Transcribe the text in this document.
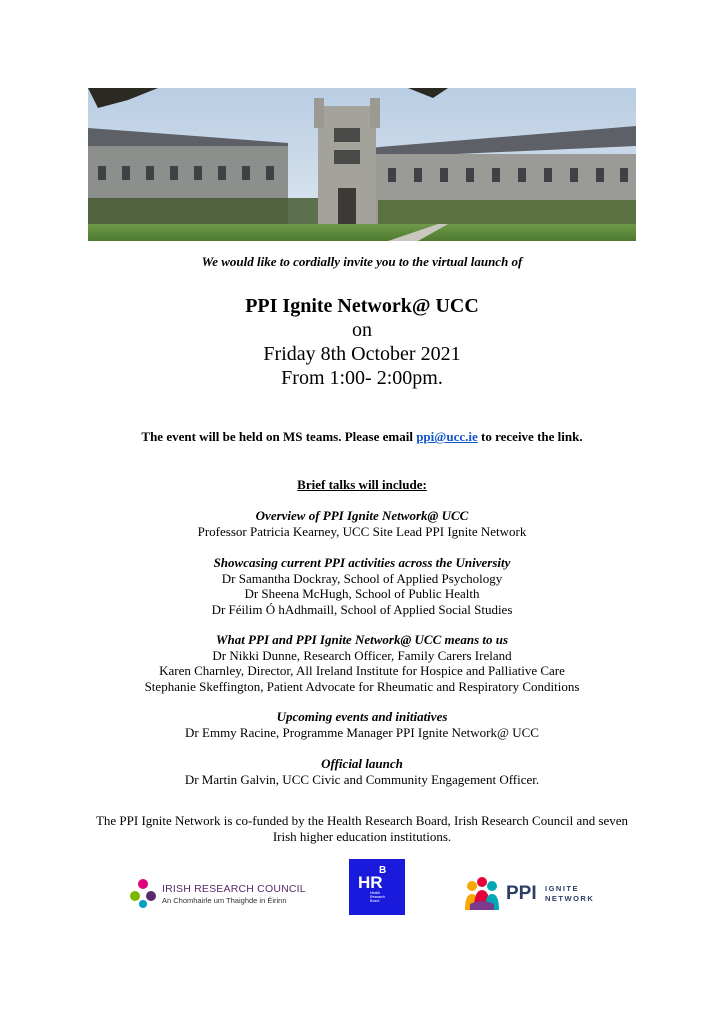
We would like to cordially invite you to the virtual launch of
PPI Ignite Network@ UCC
on
Friday 8th October 2021
From 1:00- 2:00pm.
The event will be held on MS teams. Please email ppi@ucc.ie to receive the link.
Brief talks will include:
Overview of PPI Ignite Network@ UCC
Professor Patricia Kearney, UCC Site Lead PPI Ignite Network
Showcasing current PPI activities across the University
Dr Samantha Dockray, School of Applied Psychology
Dr Sheena McHugh, School of Public Health
Dr Féilim Ó hAdhmaill, School of Applied Social Studies
What PPI and PPI Ignite Network@ UCC means to us
Dr Nikki Dunne, Research Officer, Family Carers Ireland
Karen Charnley, Director, All Ireland Institute for Hospice and Palliative Care
Stephanie Skeffington, Patient Advocate for Rheumatic and Respiratory Conditions
Upcoming events and initiatives
Dr Emmy Racine, Programme Manager PPI Ignite Network@ UCC
Official launch
Dr Martin Galvin, UCC Civic and Community Engagement Officer.
The PPI Ignite Network is co-funded by the Health Research Board, Irish Research Council and seven
Irish higher education institutions.
IRISH RESEARCH COUNCIL
An Chomhairle um Thaighde in Éirinn
HR
B
Health
Research
Board	PPI IGNITE
NETWORK
